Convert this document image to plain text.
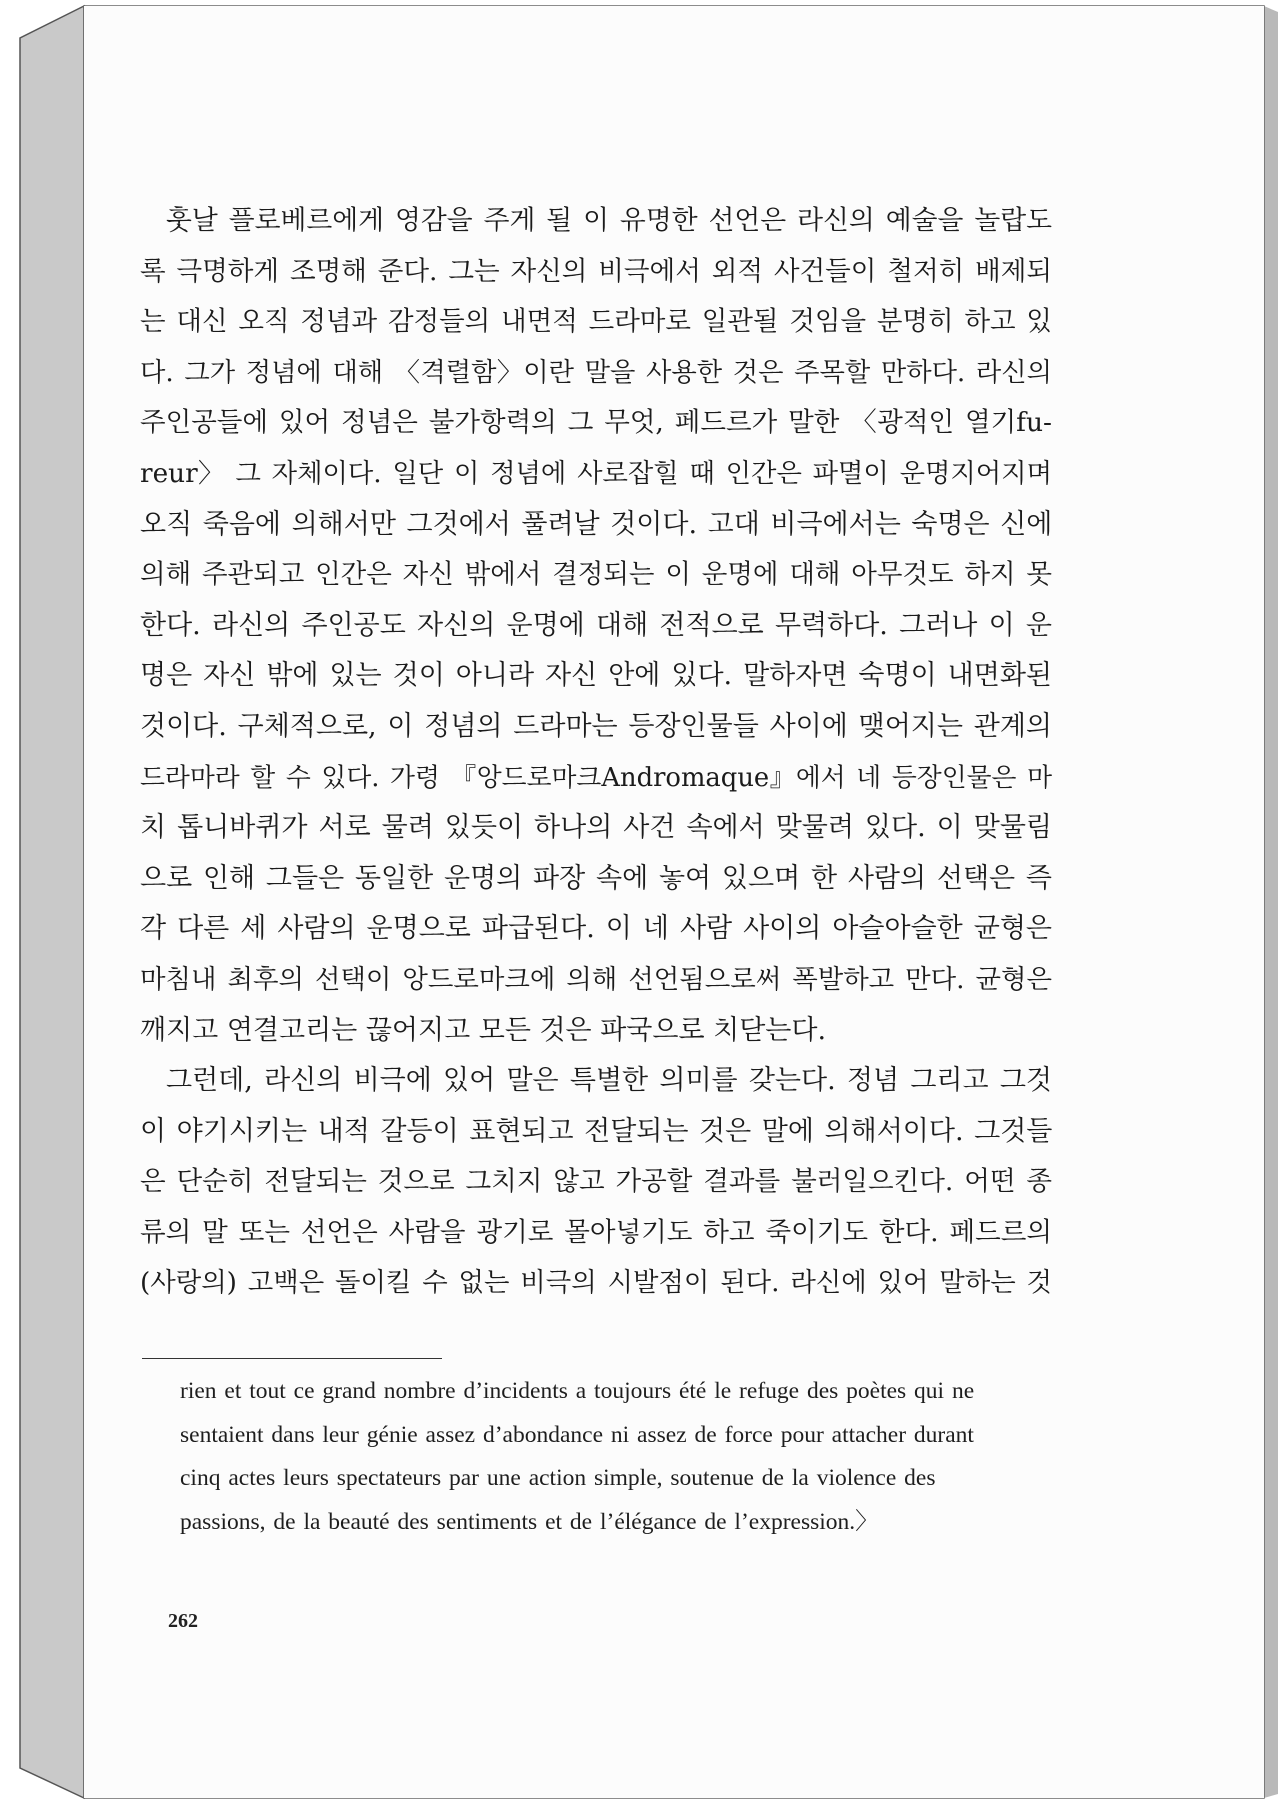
훗날 플로베르에게 영감을 주게 될 이 유명한 선언은 라신의 예술을 놀랍도
록 극명하게 조명해 준다. 그는 자신의 비극에서 외적 사건들이 철저히 배제되
는 대신 오직 정념과 감정들의 내면적 드라마로 일관될 것임을 분명히 하고 있
다. 그가 정념에 대해 〈격렬함〉이란 말을 사용한 것은 주목할 만하다. 라신의
주인공들에 있어 정념은 불가항력의 그 무엇, 페드르가 말한 〈광적인 열기fu-
reur〉 그 자체이다. 일단 이 정념에 사로잡힐 때 인간은 파멸이 운명지어지며
오직 죽음에 의해서만 그것에서 풀려날 것이다. 고대 비극에서는 숙명은 신에
의해 주관되고 인간은 자신 밖에서 결정되는 이 운명에 대해 아무것도 하지 못
한다. 라신의 주인공도 자신의 운명에 대해 전적으로 무력하다. 그러나 이 운
명은 자신 밖에 있는 것이 아니라 자신 안에 있다. 말하자면 숙명이 내면화된
것이다. 구체적으로, 이 정념의 드라마는 등장인물들 사이에 맺어지는 관계의
드라마라 할 수 있다. 가령 『앙드로마크Andromaque』에서 네 등장인물은 마
치 톱니바퀴가 서로 물려 있듯이 하나의 사건 속에서 맞물려 있다. 이 맞물림
으로 인해 그들은 동일한 운명의 파장 속에 놓여 있으며 한 사람의 선택은 즉
각 다른 세 사람의 운명으로 파급된다. 이 네 사람 사이의 아슬아슬한 균형은
마침내 최후의 선택이 앙드로마크에 의해 선언됨으로써 폭발하고 만다. 균형은
깨지고 연결고리는 끊어지고 모든 것은 파국으로 치닫는다.
그런데, 라신의 비극에 있어 말은 특별한 의미를 갖는다. 정념 그리고 그것
이 야기시키는 내적 갈등이 표현되고 전달되는 것은 말에 의해서이다. 그것들
은 단순히 전달되는 것으로 그치지 않고 가공할 결과를 불러일으킨다. 어떤 종
류의 말 또는 선언은 사람을 광기로 몰아넣기도 하고 죽이기도 한다. 페드르의
(사랑의) 고백은 돌이킬 수 없는 비극의 시발점이 된다. 라신에 있어 말하는 것
rien et tout ce grand nombre d’incidents a toujours été le refuge des poètes qui ne
sentaient dans leur génie assez d’abondance ni assez de force pour attacher durant
cinq actes leurs spectateurs par une action simple, soutenue de la violence des
passions, de la beauté des sentiments et de l’élégance de l’expression.〉
262
